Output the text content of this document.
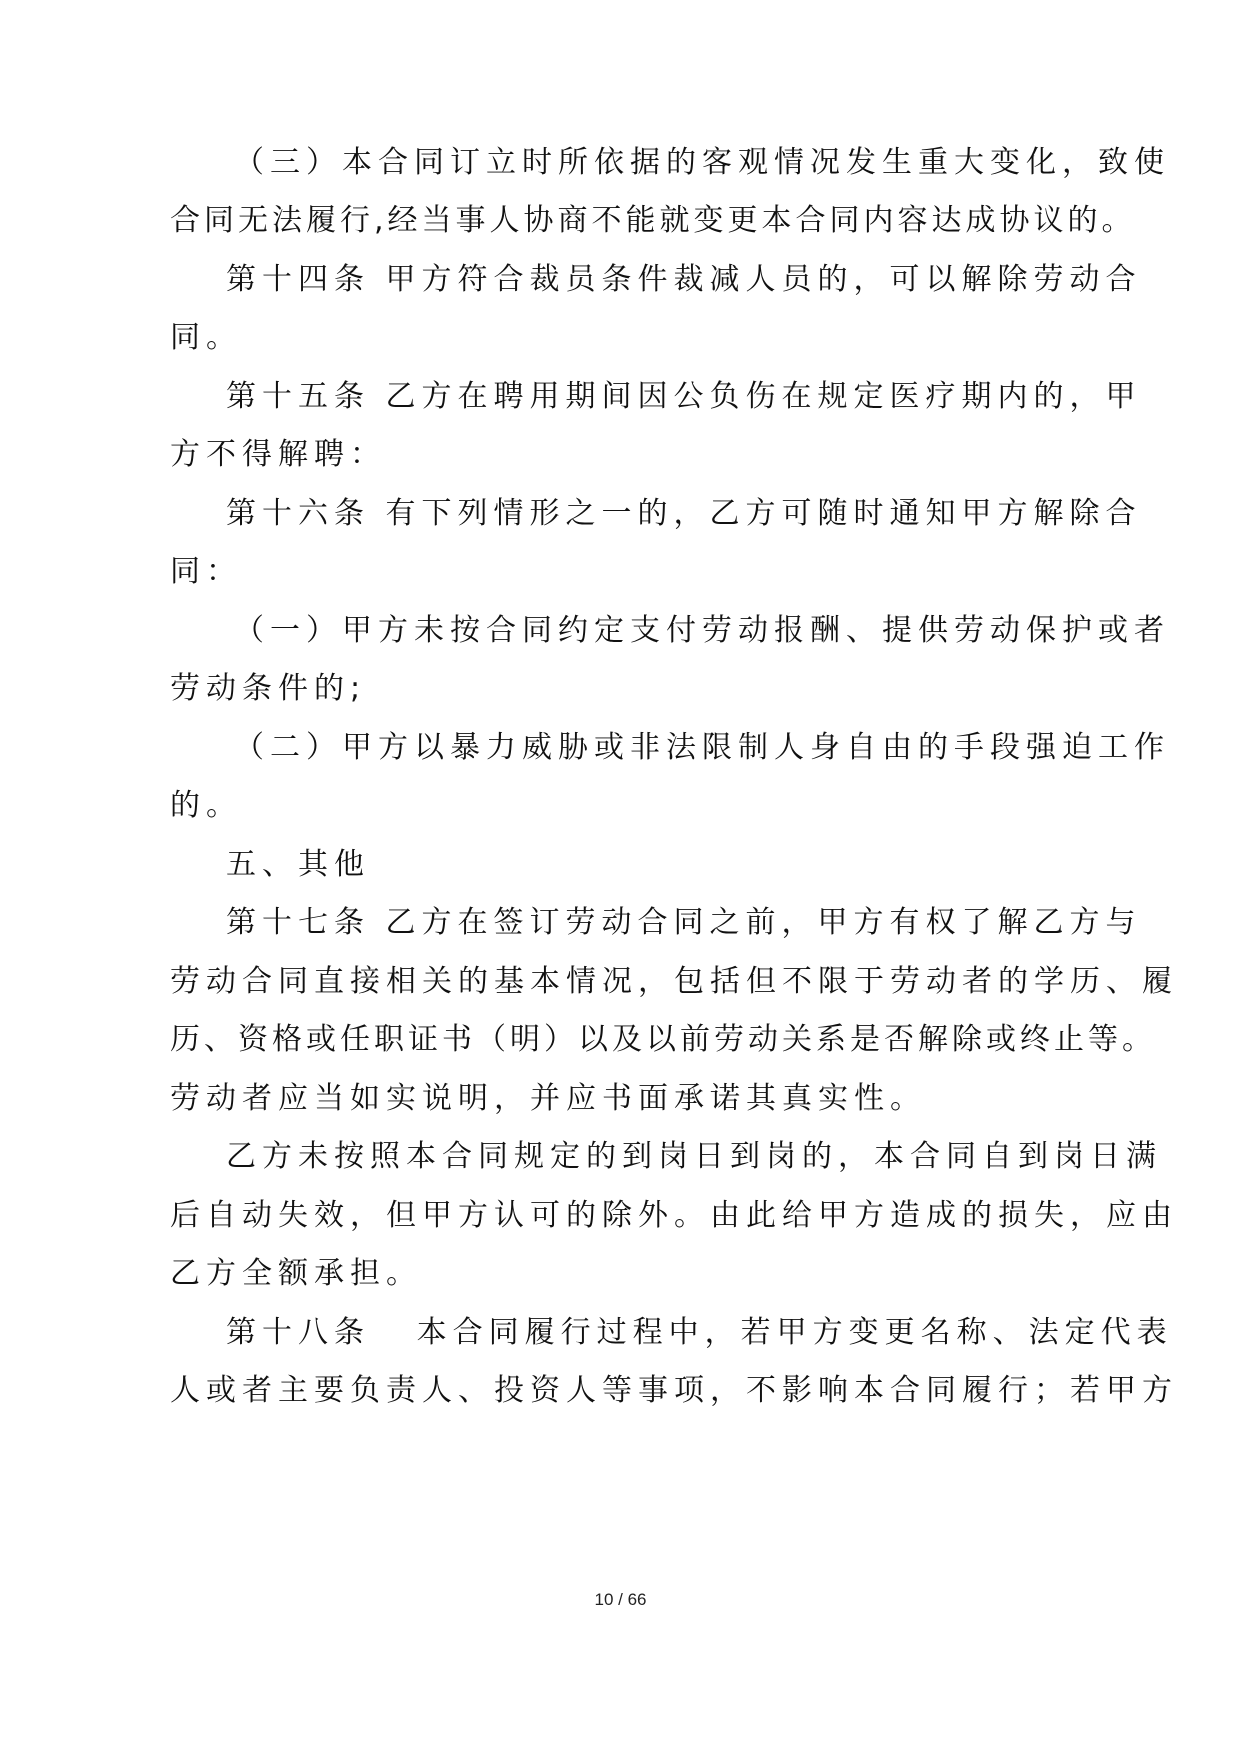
（三）本合同订立时所依据的客观情况发生重大变化，致使
合同无法履行,经当事人协商不能就变更本合同内容达成协议的。
第十四条 甲方符合裁员条件裁减人员的，可以解除劳动合
同。
第十五条 乙方在聘用期间因公负伤在规定医疗期内的，甲
方不得解聘：
第十六条 有下列情形之一的，乙方可随时通知甲方解除合
同：
（一）甲方未按合同约定支付劳动报酬、提供劳动保护或者
劳动条件的;
（二）甲方以暴力威胁或非法限制人身自由的手段强迫工作
的。
五、其他
第十七条 乙方在签订劳动合同之前，甲方有权了解乙方与
劳动合同直接相关的基本情况，包括但不限于劳动者的学历、履
历、资格或任职证书（明）以及以前劳动关系是否解除或终止等。
劳动者应当如实说明，并应书面承诺其真实性。
乙方未按照本合同规定的到岗日到岗的，本合同自到岗日满
后自动失效，但甲方认可的除外。由此给甲方造成的损失，应由
乙方全额承担。
第十八条   本合同履行过程中，若甲方变更名称、法定代表
人或者主要负责人、投资人等事项，不影响本合同履行；若甲方
10 / 66
